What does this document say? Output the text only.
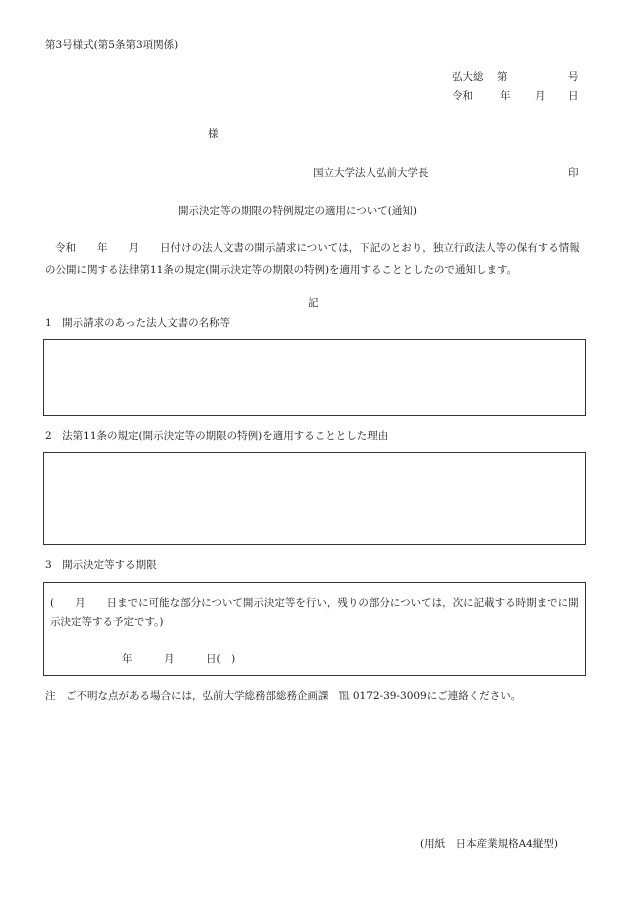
第3号様式(第5条第3項関係)
弘大総 第	号
令和	年 月 日
様
国立大学法人弘前大学長	印
開示決定等の期限の特例規定の適用について(通知)
令和　　年　　月　　日付けの法人文書の開示請求については，下記のとおり，独立行政法人等の保有する情報の公開に関する法律第11条の規定(開示決定等の期限の特例)を適用することとしたので通知します。
記
1　開示請求のあった法人文書の名称等
2　法第11条の規定(開示決定等の期限の特例)を適用することとした理由
3　開示決定等する期限
(　　月　　日までに可能な部分について開示決定等を行い，残りの部分については，次に記載する時期までに開示決定等する予定です。)
年　　　月　　　日(　)
注　ご不明な点がある場合には，弘前大学総務部総務企画課　℡ 0172-39-3009にご連絡ください。
(用紙　日本産業規格A4縦型)
